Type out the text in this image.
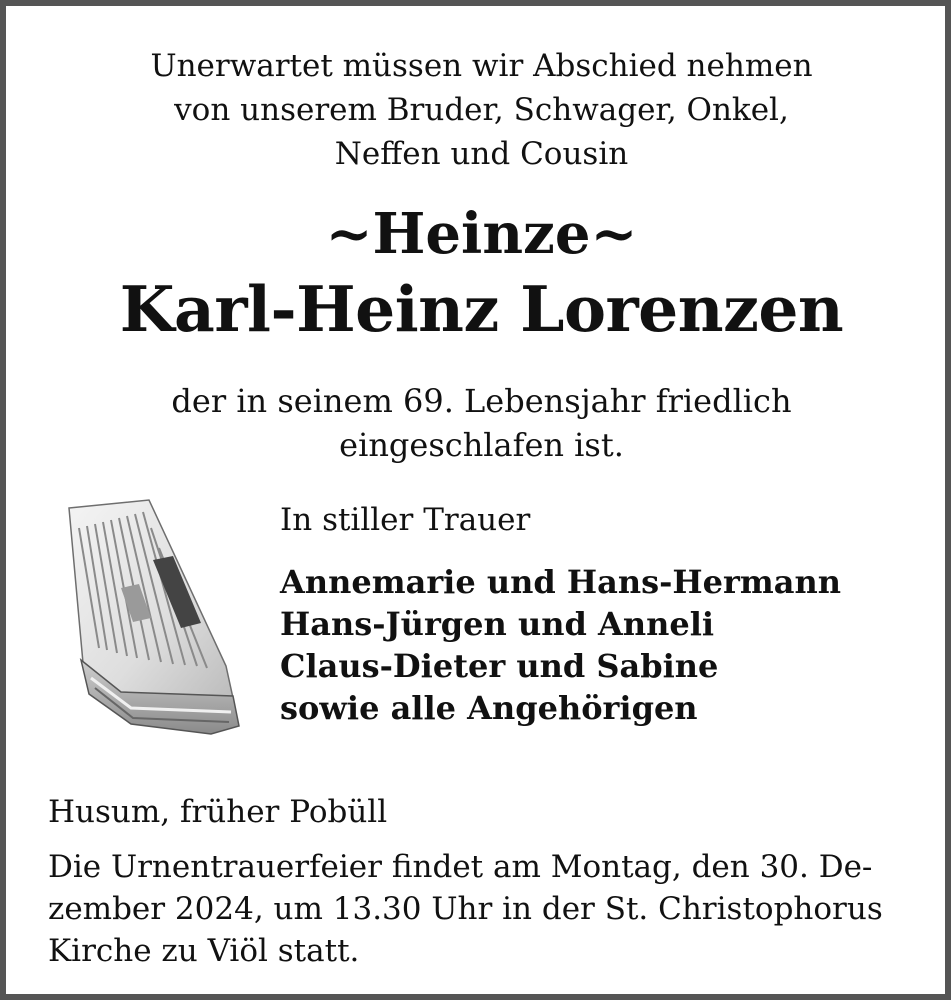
Unerwartet müssen wir Abschied nehmen
von unserem Bruder, Schwager, Onkel,
Neffen und Cousin
~Heinze~
Karl-Heinz Lorenzen
der in seinem 69. Lebensjahr friedlich
eingeschlafen ist.
In stiller Trauer
Annemarie und Hans-Hermann
Hans-Jürgen und Anneli
Claus-Dieter und Sabine
sowie alle Angehörigen
Husum, früher Pobüll
Die Urnentrauerfeier findet am Montag, den 30. De-
zember 2024, um 13.30 Uhr in der St. Christophorus
Kirche zu Viöl statt.
